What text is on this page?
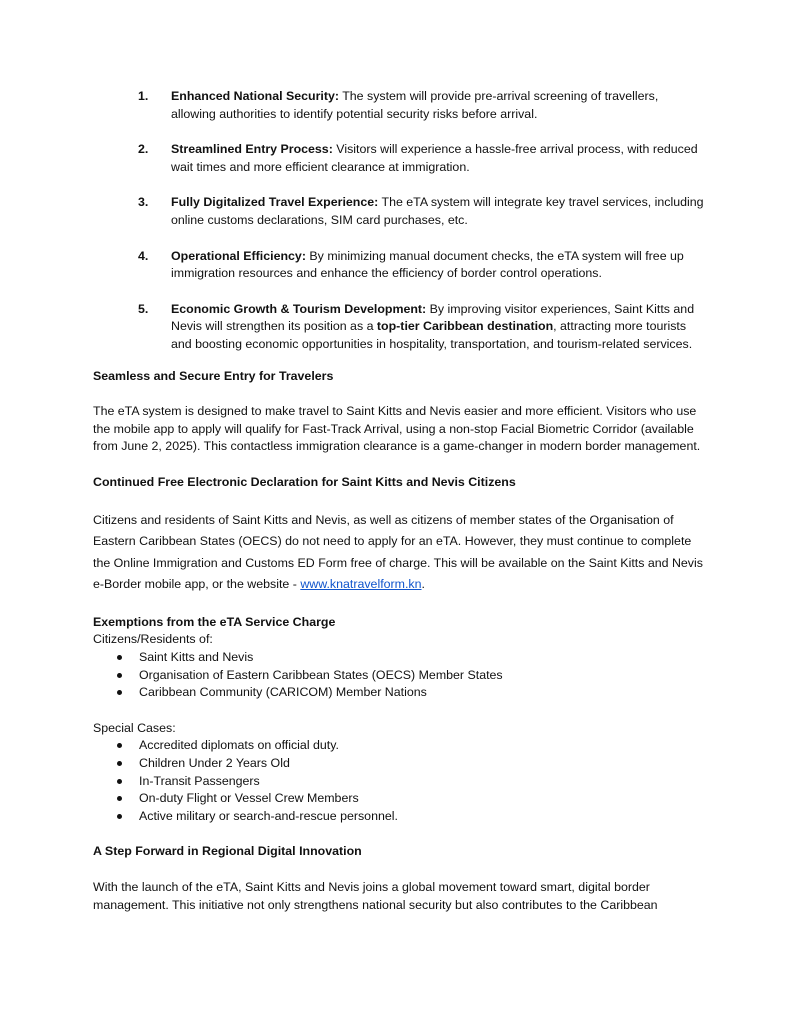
1.	Enhanced National Security: The system will provide pre-arrival screening of travellers, allowing authorities to identify potential security risks before arrival.
2.	Streamlined Entry Process: Visitors will experience a hassle-free arrival process, with reduced wait times and more efficient clearance at immigration.
3.	Fully Digitalized Travel Experience: The eTA system will integrate key travel services, including online customs declarations, SIM card purchases, etc.
4.	Operational Efficiency: By minimizing manual document checks, the eTA system will free up immigration resources and enhance the efficiency of border control operations.
5.	Economic Growth & Tourism Development: By improving visitor experiences, Saint Kitts and Nevis will strengthen its position as a top-tier Caribbean destination, attracting more tourists and boosting economic opportunities in hospitality, transportation, and tourism-related services.
Seamless and Secure Entry for Travelers

The eTA system is designed to make travel to Saint Kitts and Nevis easier and more efficient. Visitors who use the mobile app to apply will qualify for Fast-Track Arrival, using a non-stop Facial Biometric Corridor (available from June 2, 2025). This contactless immigration clearance is a game-changer in modern border management.

Continued Free Electronic Declaration for Saint Kitts and Nevis Citizens

Citizens and residents of Saint Kitts and Nevis, as well as citizens of member states of the Organisation of Eastern Caribbean States (OECS) do not need to apply for an eTA. However, they must continue to complete the Online Immigration and Customs ED Form free of charge. This will be available on the Saint Kitts and Nevis e-Border mobile app, or the website - www.knatravelform.kn.

Exemptions from the eTA Service Charge

Citizens/Residents of:

Saint Kitts and Nevis
Organisation of Eastern Caribbean States (OECS) Member States
Caribbean Community (CARICOM) Member Nations

Special Cases:

Accredited diplomats on official duty.
Children Under 2 Years Old
In-Transit Passengers
On-duty Flight or Vessel Crew Members
Active military or search-and-rescue personnel.
A Step Forward in Regional Digital Innovation

With the launch of the eTA, Saint Kitts and Nevis joins a global movement toward smart, digital border management. This initiative not only strengthens national security but also contributes to the Caribbean
